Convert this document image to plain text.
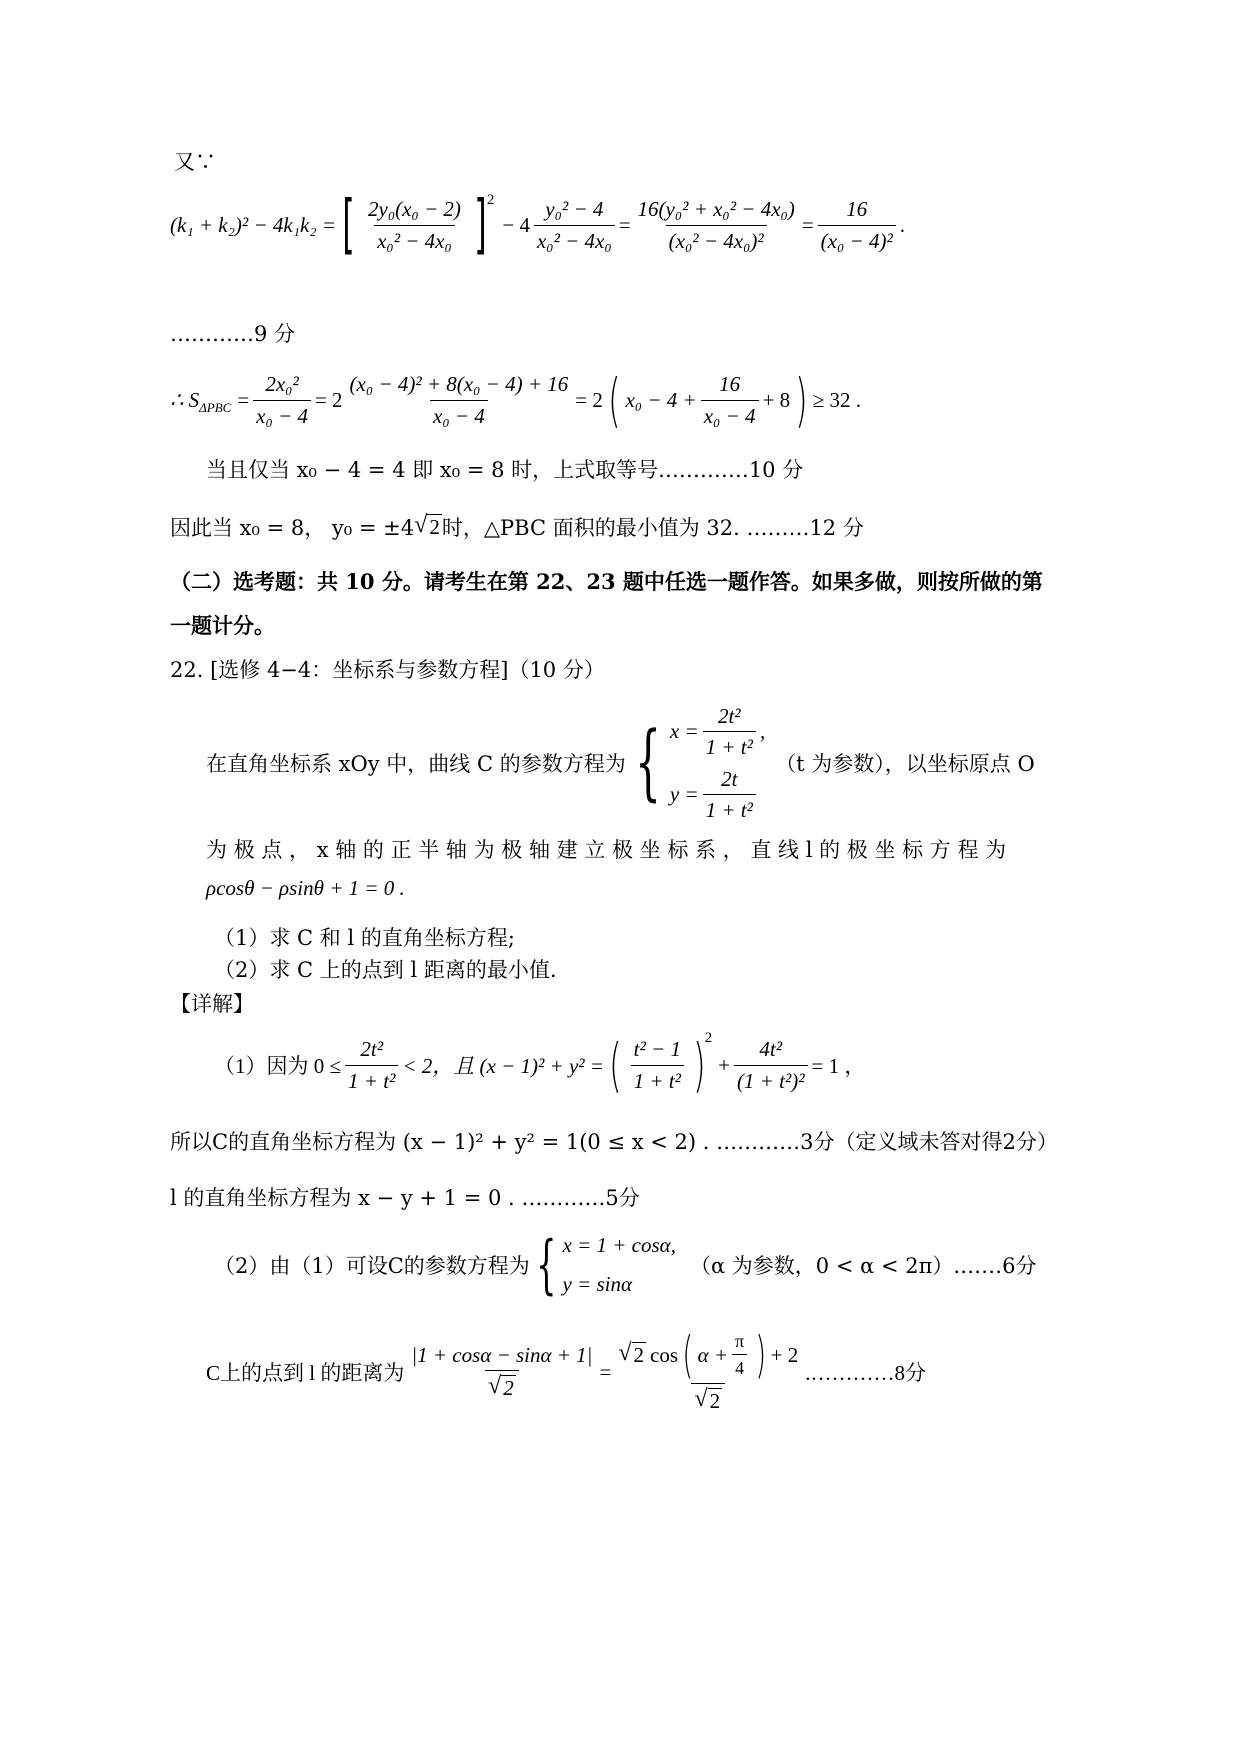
又∵
(k₁ + k₂)² − 4k₁k₂ = [ $\frac{\text{2y₀(x₀ − 2)}}{\text{x₀² − 4x₀}} ]^2$
− $4 \frac{\text{y₀² − 4}}{\text{x₀² − 4x₀}} = \frac{\text{16(y₀² + x₀² − 4x₀)}}{\text{(x₀² − 4x₀)²}} = \frac{16}{\text{(x₀ − 4)²}}$ .
…………9 分
∴ $S_{\Delta PBC} = \frac{\text{2x₀²}}{\text{x₀ − 4}} = 2 \frac{\text{(x₀ − 4)² + 8(x₀ − 4) + 16}}{\text{x₀ − 4}} = 2$ ( $x_0 - 4 + \frac{16}{\text{x₀ − 4}} + 8$ ) ≥ 32 .
当且仅当 x₀ − 4 = 4 即 x₀ = 8 时，上式取等号.…………10 分
因此当 x₀ = 8， y₀ = ±4 √ 2 时，△PBC 面积的最小值为 32. ………12 分
（二）选考题：共 10 分。请考生在第 22、23 题中任选一题作答。如果多做，则按所做的第
一题计分。
22. [选修 4−4：坐标系与参数方程]（10 分）
在直角坐标系 xOy 中，曲线 C 的参数方程为 { $x = \frac{\text{2t²}}{\text{1 + t²}}$ ,
$y = \frac{2t}{\text{1 + t²}}$
（t 为参数），以坐标原点 O
为 极 点 ， x 轴 的 正 半 轴 为 极 轴 建 立 极 坐 标 系 ， 直 线 l 的 极 坐 标 方 程 为
ρcosθ − ρsinθ + 1 = 0 .
（1）求 C 和 l 的直角坐标方程;
（2）求 C 上的点到 l 距离的最小值.
【详解】
（1）因为 $0 \le \frac{\text{2t²}}{\text{1 + t²}} < 2$，且 (x − 1)² + y² = ( $\frac{\text{t² − 1}}{\text{1 + t²}} )^2$
+ $\frac{\text{4t²}}{\text{(1 + t²)²}} = 1$ ，
所以C的直角坐标方程为 (x − 1)² + y² = 1(0 ≤ x < 2) . …………3分（定义域未答对得2分）
l 的直角坐标方程为 x − y + 1 = 0 . …………5分
（2）由（1）可设C的参数方程为 { x = 1 + cosα,
y = sinα
（α 为参数，0 < α < 2π）.……6分
C上的点到 l 的距离为 $\frac{|1 + \cos\alpha - \sin\alpha + 1|}{√ 2} = \frac{√ 2 \cos ( \alpha + \frac{\pi}{4} ) + 2}{√ 2}$ .…………8分
